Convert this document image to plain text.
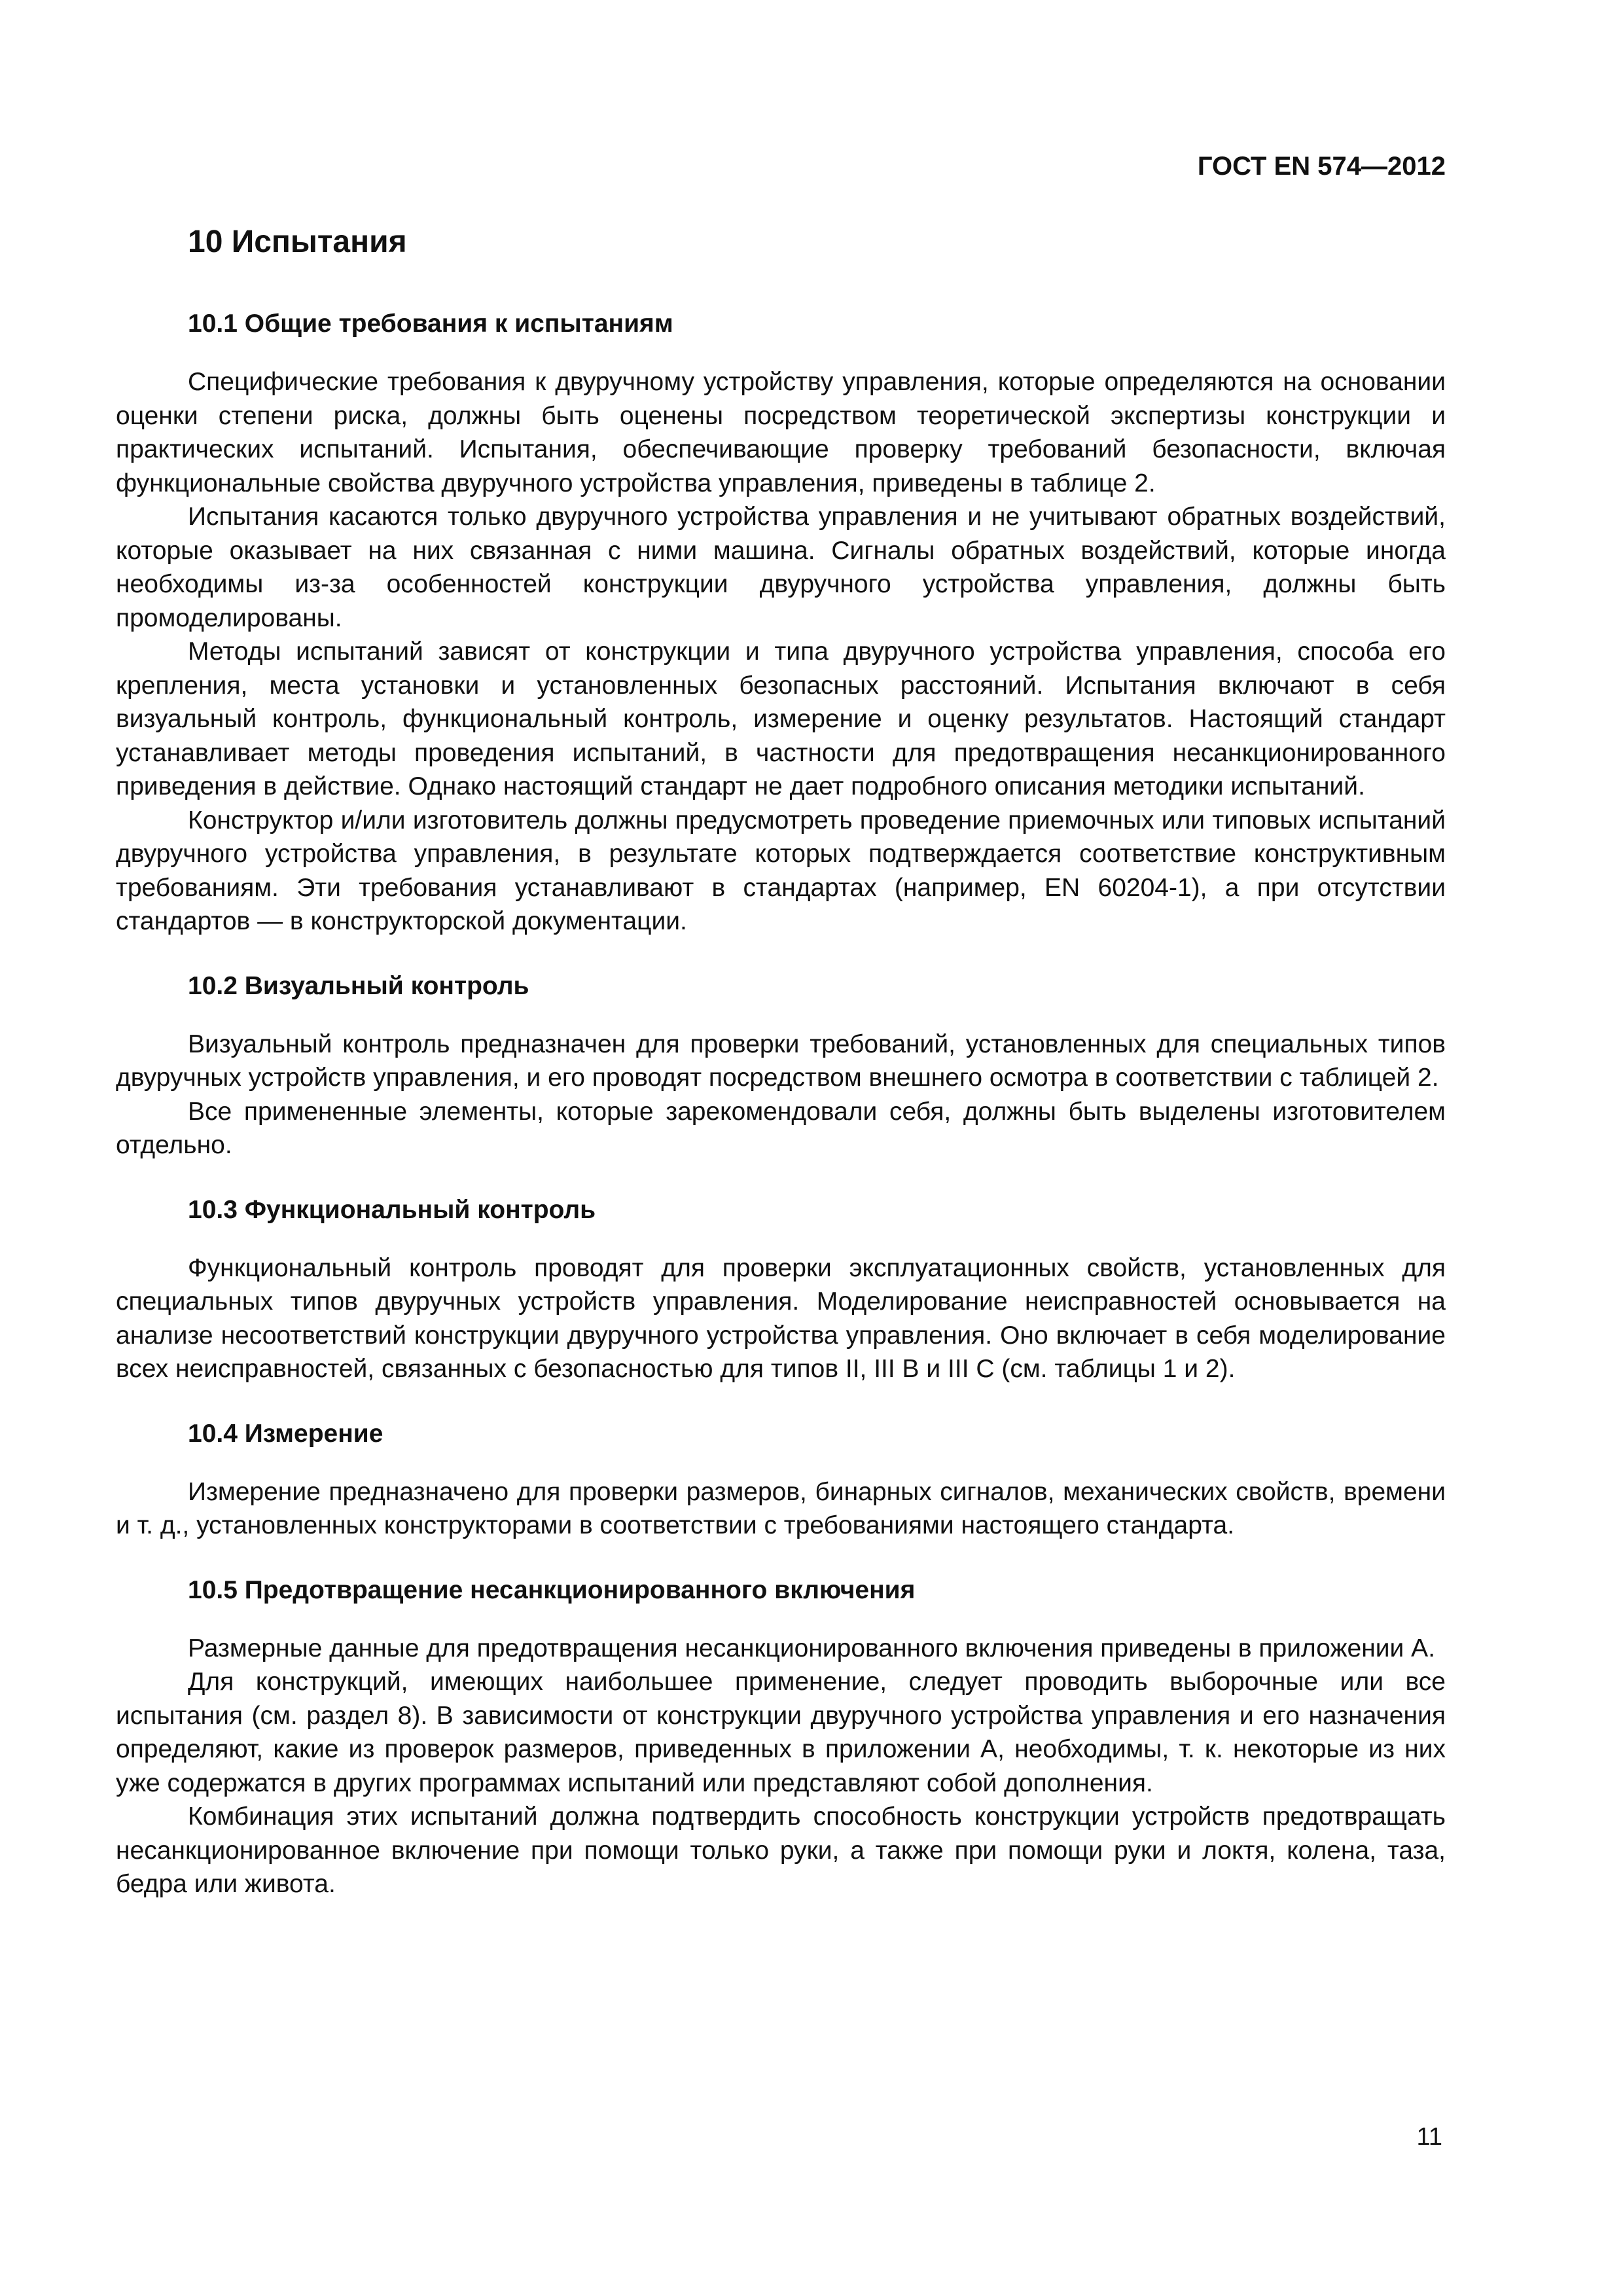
ГОСТ EN 574—2012
10 Испытания
10.1 Общие требования к испытаниям

Специфические требования к двуручному устройству управления, которые определяются на основании оценки степени риска, должны быть оценены посредством теоретической экспертизы конструкции и практических испытаний. Испытания, обеспечивающие проверку требований безопасности, включая функциональные свойства двуручного устройства управления, приведены в таблице 2.

Испытания касаются только двуручного устройства управления и не учитывают обратных воздействий, которые оказывает на них связанная с ними машина. Сигналы обратных воздействий, которые иногда необходимы из-за особенностей конструкции двуручного устройства управления, должны быть промоделированы.

Методы испытаний зависят от конструкции и типа двуручного устройства управления, способа его крепления, места установки и установленных безопасных расстояний. Испытания включают в себя визуальный контроль, функциональный контроль, измерение и оценку результатов. Настоящий стандарт устанавливает методы проведения испытаний, в частности для предотвращения несанкционированного приведения в действие. Однако настоящий стандарт не дает подробного описания методики испытаний.

Конструктор и/или изготовитель должны предусмотреть проведение приемочных или типовых испытаний двуручного устройства управления, в результате которых подтверждается соответствие конструктивным требованиям. Эти требования устанавливают в стандартах (например, EN 60204-1), а при отсутствии стандартов — в конструкторской документации.

10.2 Визуальный контроль

Визуальный контроль предназначен для проверки требований, установленных для специальных типов двуручных устройств управления, и его проводят посредством внешнего осмотра в соответствии с таблицей 2.

Все примененные элементы, которые зарекомендовали себя, должны быть выделены изготовителем отдельно.

10.3 Функциональный контроль

Функциональный контроль проводят для проверки эксплуатационных свойств, установленных для специальных типов двуручных устройств управления. Моделирование неисправностей основывается на анализе несоответствий конструкции двуручного устройства управления. Оно включает в себя моделирование всех неисправностей, связанных с безопасностью для типов II, III B и III C (см. таблицы 1 и 2).

10.4 Измерение

Измерение предназначено для проверки размеров, бинарных сигналов, механических свойств, времени и т. д., установленных конструкторами в соответствии с требованиями настоящего стандарта.

10.5 Предотвращение несанкционированного включения

Размерные данные для предотвращения несанкционированного включения приведены в приложении А.

Для конструкций, имеющих наибольшее применение, следует проводить выборочные или все испытания (см. раздел 8). В зависимости от конструкции двуручного устройства управления и его назначения определяют, какие из проверок размеров, приведенных в приложении А, необходимы, т. к. некоторые из них уже содержатся в других программах испытаний или представляют собой дополнения.

Комбинация этих испытаний должна подтвердить способность конструкции устройств предотвращать несанкционированное включение при помощи только руки, а также при помощи руки и локтя, колена, таза, бедра или живота.

11
